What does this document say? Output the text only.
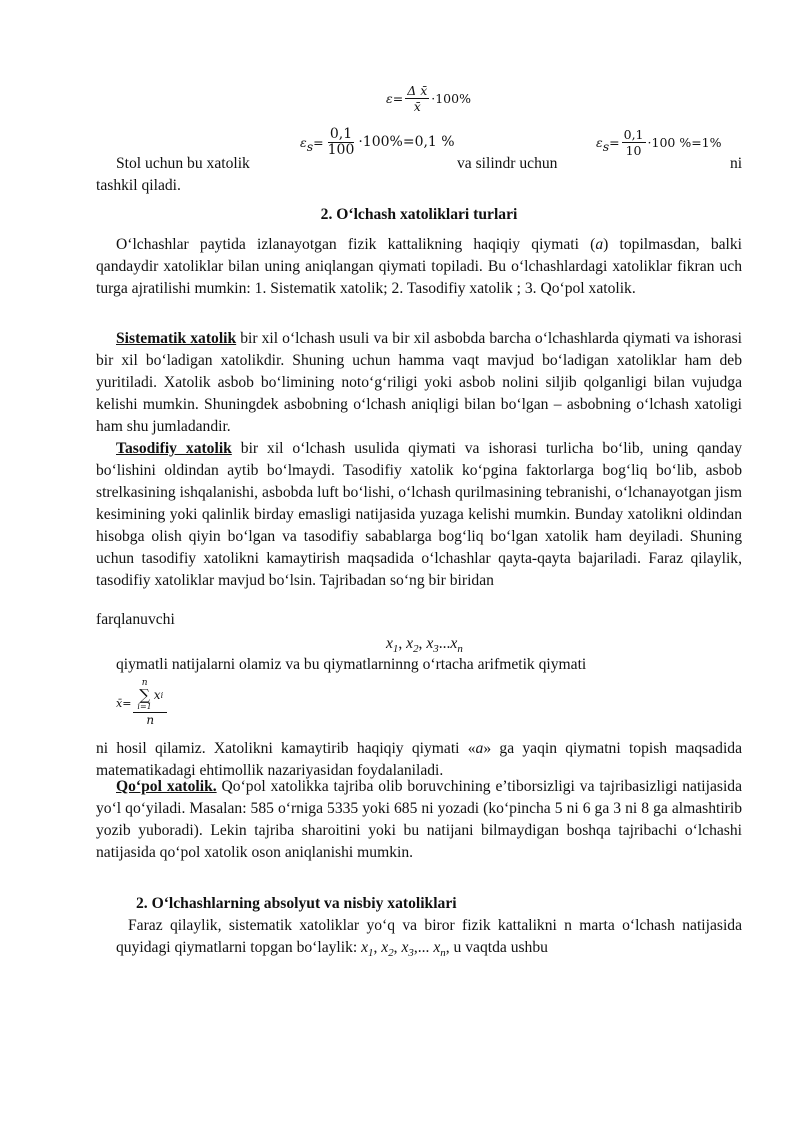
$\varepsilon= \frac{\text{Δ x̄}}{x̄} \cdot 100\%$
$\varepsilon_s = \frac{0,1}{100} \cdot 100\%=0,1$ %	$\varepsilon_s = \frac{0,1}{10} \cdot 100$ %=1%
Stol uchun bu xatolik	va silindr uchun	ni
tashkil qiladi.
2. O‘lchash xatoliklari turlari
O‘lchashlar paytida izlanayotgan fizik kattalikning haqiqiy qiymati (a) topilmasdan, balki qandaydir xatoliklar bilan uning aniqlangan qiymati topiladi. Bu o‘lchashlardagi xatoliklar fikran uch turga ajratilishi mumkin: 1. Sistematik xatolik; 2. Tasodifiy xatolik ; 3. Qo‘pol xatolik.
Sistematik xatolik bir xil o‘lchash usuli va bir xil asbobda barcha o‘lchashlarda qiymati va ishorasi bir xil bo‘ladigan xatolikdir. Shuning uchun hamma vaqt mavjud bo‘ladigan xatoliklar ham deb yuritiladi. Xatolik asbob bo‘limining noto‘g‘riligi yoki asbob nolini siljib qolganligi bilan vujudga kelishi mumkin. Shuningdek asbobning o‘lchash aniqligi bilan bo‘lgan – asbobning o‘lchash xatoligi ham shu jumladandir.
Tasodifiy xatolik bir xil o‘lchash usulida qiymati va ishorasi turlicha bo‘lib, uning qanday bo‘lishini oldindan aytib bo‘lmaydi. Tasodifiy xatolik ko‘pgina faktorlarga bog‘liq bo‘lib, asbob strelkasining ishqalanishi, asbobda luft bo‘lishi, o‘lchash qurilmasining tebranishi, o‘lchanayotgan jism kesimining yoki qalinlik birday emasligi natijasida yuzaga kelishi mumkin. Bunday xatolikni oldindan hisobga olish qiyin bo‘lgan va tasodifiy sabablarga bog‘liq bo‘lgan xatolik ham deyiladi. Shuning uchun tasodifiy xatolikni kamaytirish maqsadida o‘lchashlar qayta-qayta bajariladi. Faraz qilaylik, tasodifiy xatoliklar mavjud bo‘lsin. Tajribadan so‘ng bir biridan
farqlanuvchi
$x_1$, $x_2$, $x_3...x_n$
qiymatli natijalarni olamiz va bu qiymatlarninng o‘rtacha arifmetik qiymati
x̄= n
∑
i=1
x i
n
ni hosil qilamiz. Xatolikni kamaytirib haqiqiy qiymati «a» ga yaqin qiymatni topish maqsadida matematikadagi ehtimollik nazariyasidan foydalaniladi.
Qo‘pol xatolik. Qo‘pol xatolikka tajriba olib boruvchining e’tiborsizligi va tajribasizligi natijasida yo‘l qo‘yiladi. Masalan: 585 o‘rniga 5335 yoki 685 ni yozadi (ko‘pincha 5 ni 6 ga 3 ni 8 ga almashtirib yozib yuboradi). Lekin tajriba sharoitini yoki bu natijani bilmaydigan boshqa tajribachi o‘lchashi natijasida qo‘pol xatolik oson aniqlanishi mumkin.
2. O‘lchashlarning absolyut va nisbiy xatoliklari
Faraz qilaylik, sistematik xatoliklar yo‘q va biror fizik kattalikni n marta o‘lchash natijasida quyidagi qiymatlarni topgan bo‘laylik: $x_1$, $x_2$, $x_3$,... $x_n$, u vaqtda ushbu
